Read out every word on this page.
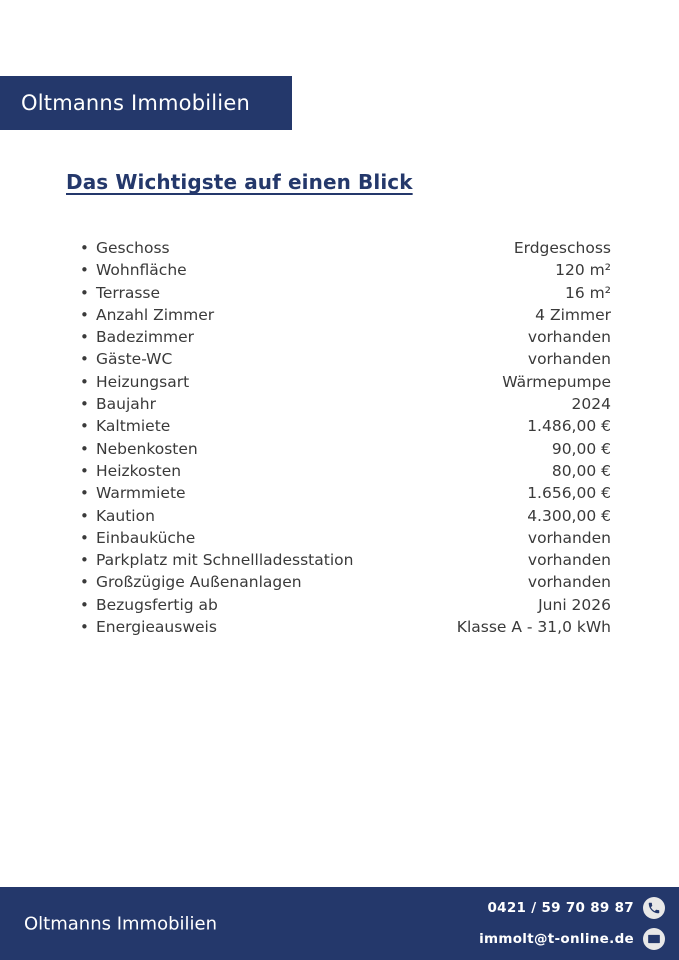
Oltmanns Immobilien
Das Wichtigste auf einen Blick
•
Geschoss	Erdgeschoss
•
Wohnfläche	120 m²
•
Terrasse	16 m²
•
Anzahl Zimmer	4 Zimmer
•
Badezimmer	vorhanden
•
Gäste-WC	vorhanden
•
Heizungsart	Wärmepumpe
•
Baujahr	2024
•
Kaltmiete	1.486,00 €
•
Nebenkosten	90,00 €
•
Heizkosten	80,00 €
•
Warmmiete	1.656,00 €
•
Kaution	4.300,00 €
•
Einbauküche	vorhanden
•
Parkplatz mit Schnellladesstation	vorhanden
•
Großzügige Außenanlagen	vorhanden
•
Bezugsfertig ab	Juni 2026
•
Energieausweis	Klasse A - 31,0 kWh
Oltmanns Immobilien
0421 / 59 70 89 87
immolt@t-online.de
